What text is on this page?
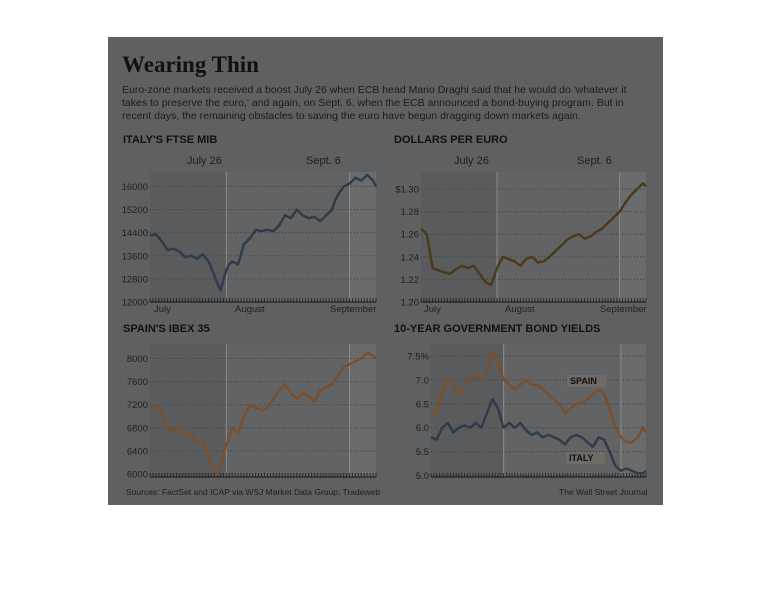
Wearing Thin
Euro-zone markets received a boost July 26 when ECB head Mario Draghi said that he would do 'whatever it takes to preserve the euro,' and again, on Sept. 6. when the ECB announced a bond-buying program. But in recent days, the remaining obstacles to saving the euro have begun dragging down markets again.
ITALY'S FTSE MIB	DOLLARS PER EURO
SPAIN'S IBEX 35	10-YEAR GOVERNMENT BOND YIELDS
July 26	Sept. 6	July 26	Sept. 6
12000
12800
13600
14400
15200
16000
July	August	September
1.20
1.22
1.24
1.26
1.28
$1.30
July	August	September
6000
6400
6800
7200
7600
8000
5.0
5.5
6.0
6.5
7.0
7.5%
SPAIN
ITALY
Sources: FactSet and ICAP via WSJ Market Data Group; Tradeweb	The Wall Street Journal
